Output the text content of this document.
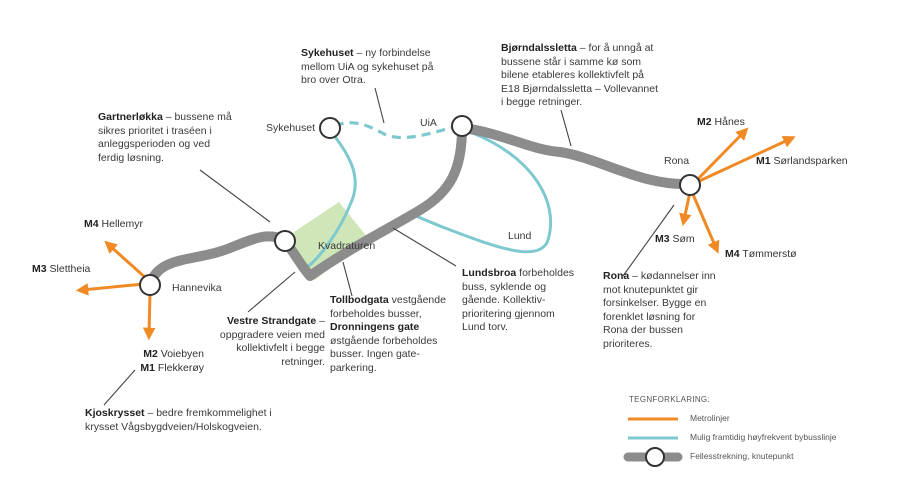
Sykehuset	UiA
Rona
Kvadraturen
Lund
Hannevika
M2 Hånes
M1 Sørlandsparken
M3 Søm
M4 Tømmerstø
M4 Hellemyr
M3 Slettheia
M2 Voiebyen
M1 Flekkerøy
Sykehuset – ny forbindelse
mellom UiA og sykehuset på
bro over Otra.
Bjørndalssletta – for å unngå at
bussene står i samme kø som
bilene etableres kollektivfelt på
E18 Bjørndalssletta – Vollevannet
i begge retninger.
Gartnerløkka – bussene må
sikres prioritet i traséen i
anleggsperioden og ved
ferdig løsning.
Vestre Strandgate –
oppgradere veien med
kollektivfelt i begge
retninger.
Tollbodgata vestgående
forbeholdes busser,
Dronningens gate
østgående forbeholdes
busser. Ingen gate-
parkering.
Lundsbroa forbeholdes
buss, syklende og
gående. Kollektiv-
prioritering gjennom
Lund torv.
Rona – kødannelser inn
mot knutepunktet gir
forsinkelser. Bygge en
forenklet løsning for
Rona der bussen
prioriteres.
Kjoskrysset – bedre fremkommelighet i
krysset Vågsbygdveien/Holskogveien.
TEGNFORKLARING:
Metrolinjer
Mulig framtidig høyfrekvent bybusslinje
Fellesstrekning, knutepunkt
